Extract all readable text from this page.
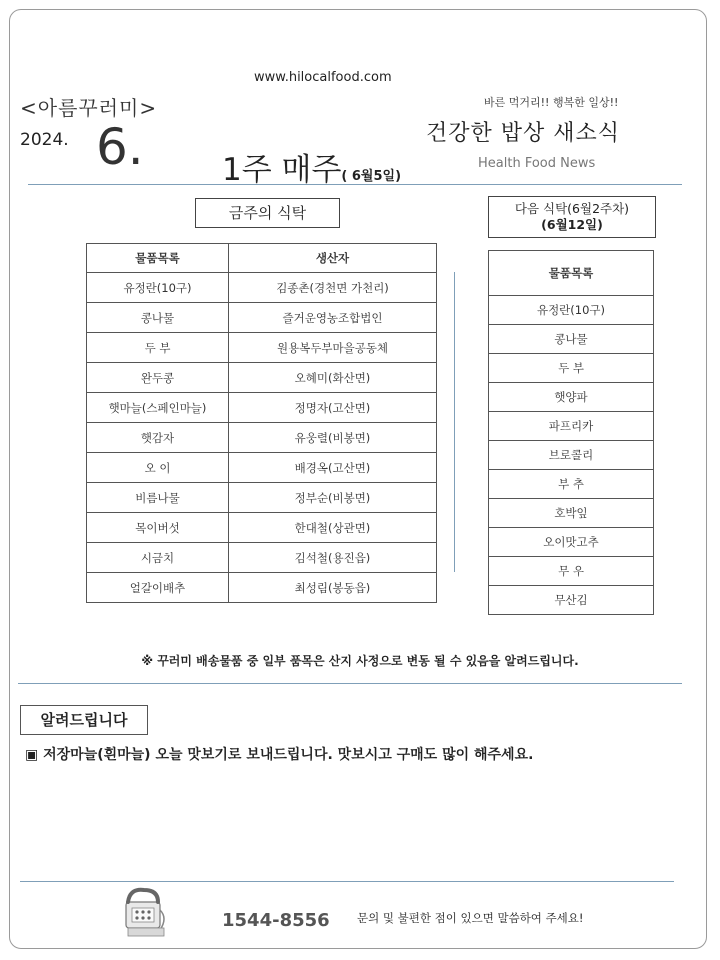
www.hilocalfood.com
<아름꾸러미>
2024. 6.	1주 매주( 6월5일)
바른 먹거리!! 행복한 일상!!
건강한 밥상 새소식
Health Food News
금주의 식탁	다음 식탁(6월2주차)
(6월12일)
물품목록	생산자
유정란(10구)	김종촌(경천면 가천리)
콩나물	즐거운영농조합법인
두 부	원용복두부마을공동체
완두콩	오혜미(화산면)
햇마늘(스페인마늘)	정명자(고산면)
햇감자	유웅렬(비봉면)
오 이	배경옥(고산면)
비름나물	정부순(비봉면)
목이버섯	한대철(상관면)
시금치	김석철(용진읍)
얼갈이배추	최성림(봉동읍)
물품목록
유정란(10구)
콩나물
두 부
햇양파
파프리카
브로콜리
부 추
호박잎
오이맛고추
무 우
무산김
※ 꾸러미 배송물품 중 일부 품목은 산지 사정으로 변동 될 수 있음을 알려드립니다.
알려드립니다
▣ 저장마늘(흰마늘) 오늘 맛보기로 보내드립니다. 맛보시고 구매도 많이 해주세요.
1544-8556 문의 및 불편한 점이 있으면 말씀하여 주세요!
